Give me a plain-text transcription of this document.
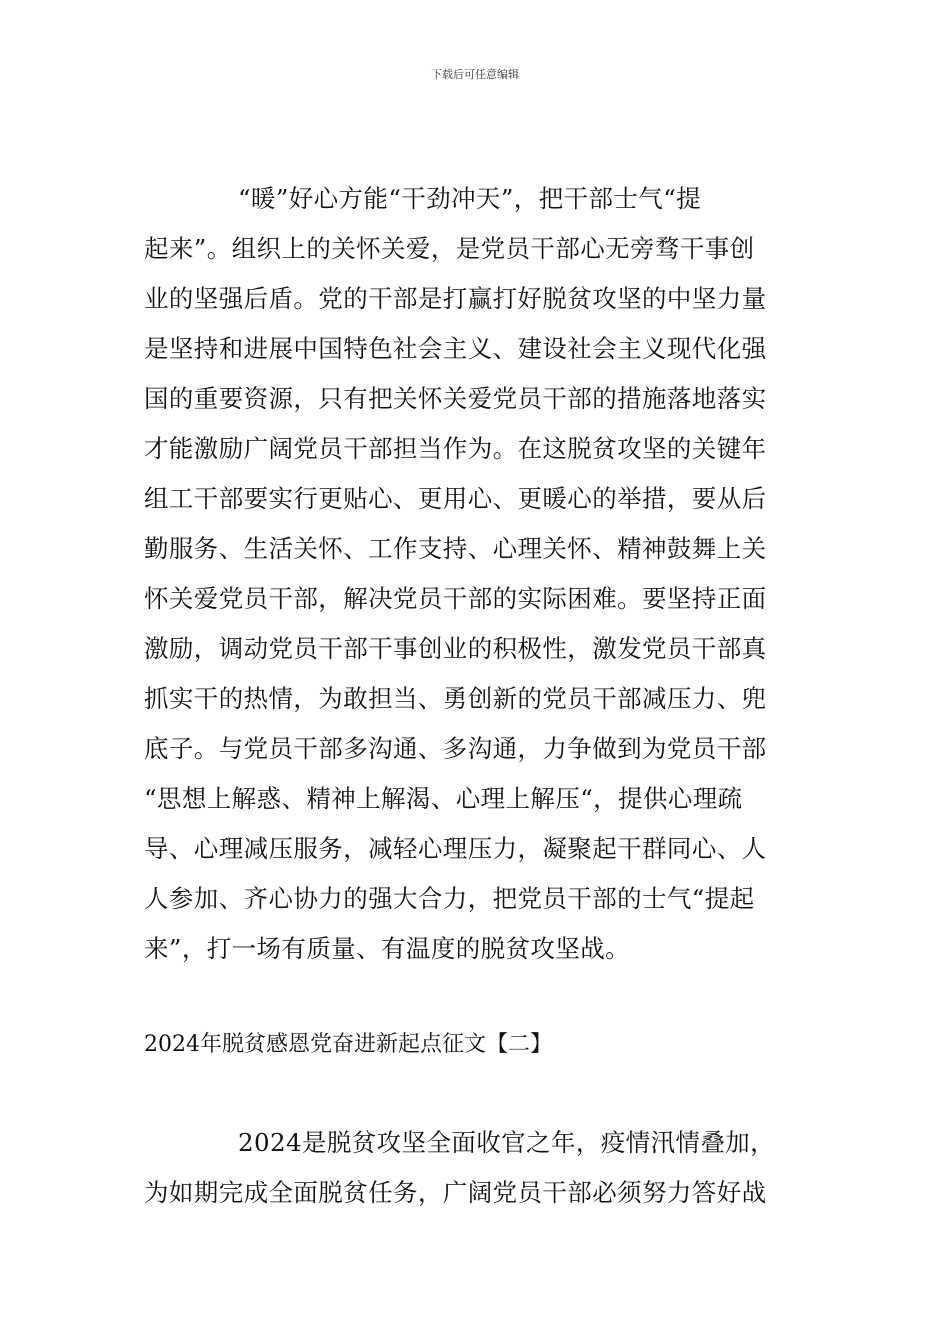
下载后可任意编辑
“暖”好心方能“干劲冲天”，把干部士气“提
起来”。组织上的关怀关爱，是党员干部心无旁骛干事创
业的坚强后盾。党的干部是打赢打好脱贫攻坚的中坚力量
是坚持和进展中国特色社会主义、建设社会主义现代化强
国的重要资源，只有把关怀关爱党员干部的措施落地落实
才能激励广阔党员干部担当作为。在这脱贫攻坚的关键年
组工干部要实行更贴心、更用心、更暖心的举措，要从后
勤服务、生活关怀、工作支持、心理关怀、精神鼓舞上关
怀关爱党员干部，解决党员干部的实际困难。要坚持正面
激励，调动党员干部干事创业的积极性，激发党员干部真
抓实干的热情，为敢担当、勇创新的党员干部减压力、兜
底子。与党员干部多沟通、多沟通，力争做到为党员干部
“思想上解惑、精神上解渴、心理上解压“，提供心理疏
导、心理减压服务，减轻心理压力，凝聚起干群同心、人
人参加、齐心协力的强大合力，把党员干部的士气“提起
来”，打一场有质量、有温度的脱贫攻坚战。
2024年脱贫感恩党奋进新起点征文【二】
2024是脱贫攻坚全面收官之年，疫情汛情叠加，
为如期完成全面脱贫任务，广阔党员干部必须努力答好战
